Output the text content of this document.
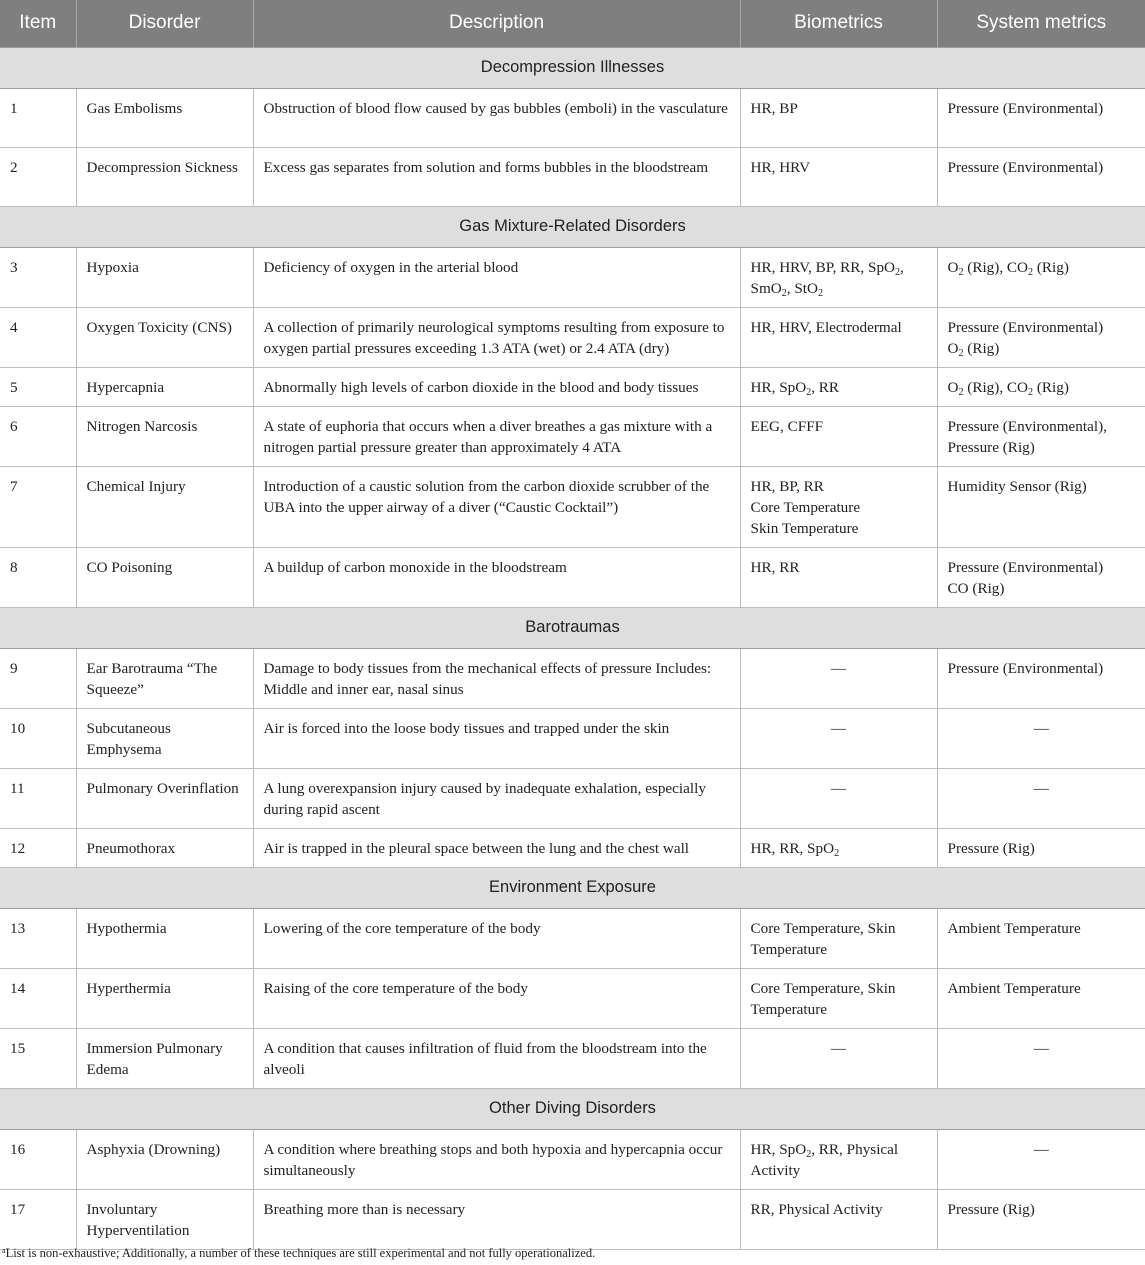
Item	Disorder	Description	Biometrics	System metrics
Decompression Illnesses				
1	Gas Embolisms	Obstruction of blood flow caused by gas bubbles (emboli) in the vasculature	HR, BP	Pressure (Environmental)
2	Decompression Sickness	Excess gas separates from solution and forms bubbles in the bloodstream	HR, HRV	Pressure (Environmental)
Gas Mixture-Related Disorders				
3	Hypoxia	Deficiency of oxygen in the arterial blood	HR, HRV, BP, RR, SpO$_2$, SmO$_2$, StO$_2$	$O_2$ (Rig), $CO_2$ (Rig)
4	Oxygen Toxicity (CNS)	A collection of primarily neurological symptoms resulting from exposure to oxygen partial pressures exceeding 1.3 ATA (wet) or 2.4 ATA (dry)	HR, HRV, Electrodermal	Pressure (Environmental)
$O_2$ (Rig)
5	Hypercapnia	Abnormally high levels of carbon dioxide in the blood and body tissues	HR, SpO$_2$, RR	$O_2$ (Rig), $CO_2$ (Rig)
6	Nitrogen Narcosis	A state of euphoria that occurs when a diver breathes a gas mixture with a nitrogen partial pressure greater than approximately 4 ATA	EEG, CFFF	Pressure (Environmental),
Pressure (Rig)
7	Chemical Injury	Introduction of a caustic solution from the carbon dioxide scrubber of the UBA into the upper airway of a diver (“Caustic Cocktail”)	HR, BP, RR
Core Temperature
Skin Temperature	Humidity Sensor (Rig)
8	CO Poisoning	A buildup of carbon monoxide in the bloodstream	HR, RR	Pressure (Environmental)
CO (Rig)
Barotraumas				
9	Ear Barotrauma “The Squeeze”	Damage to body tissues from the mechanical effects of pressure Includes: Middle and inner ear, nasal sinus	—	Pressure (Environmental)
10	Subcutaneous Emphysema	Air is forced into the loose body tissues and trapped under the skin	—	—
11	Pulmonary Overinflation	A lung overexpansion injury caused by inadequate exhalation, especially during rapid ascent	—	—
12	Pneumothorax	Air is trapped in the pleural space between the lung and the chest wall	HR, RR, SpO$_2$	Pressure (Rig)
Environment Exposure				
13	Hypothermia	Lowering of the core temperature of the body	Core Temperature, Skin Temperature	Ambient Temperature
14	Hyperthermia	Raising of the core temperature of the body	Core Temperature, Skin Temperature	Ambient Temperature
15	Immersion Pulmonary Edema	A condition that causes infiltration of fluid from the bloodstream into the alveoli	—	—
Other Diving Disorders				
16	Asphyxia (Drowning)	A condition where breathing stops and both hypoxia and hypercapnia occur simultaneously	HR, SpO$_2$, RR, Physical Activity	—
17	Involuntary Hyperventilation	Breathing more than is necessary	RR, Physical Activity	Pressure (Rig)
$^a$List is non-exhaustive; Additionally, a number of these techniques are still experimental and not fully operationalized.
